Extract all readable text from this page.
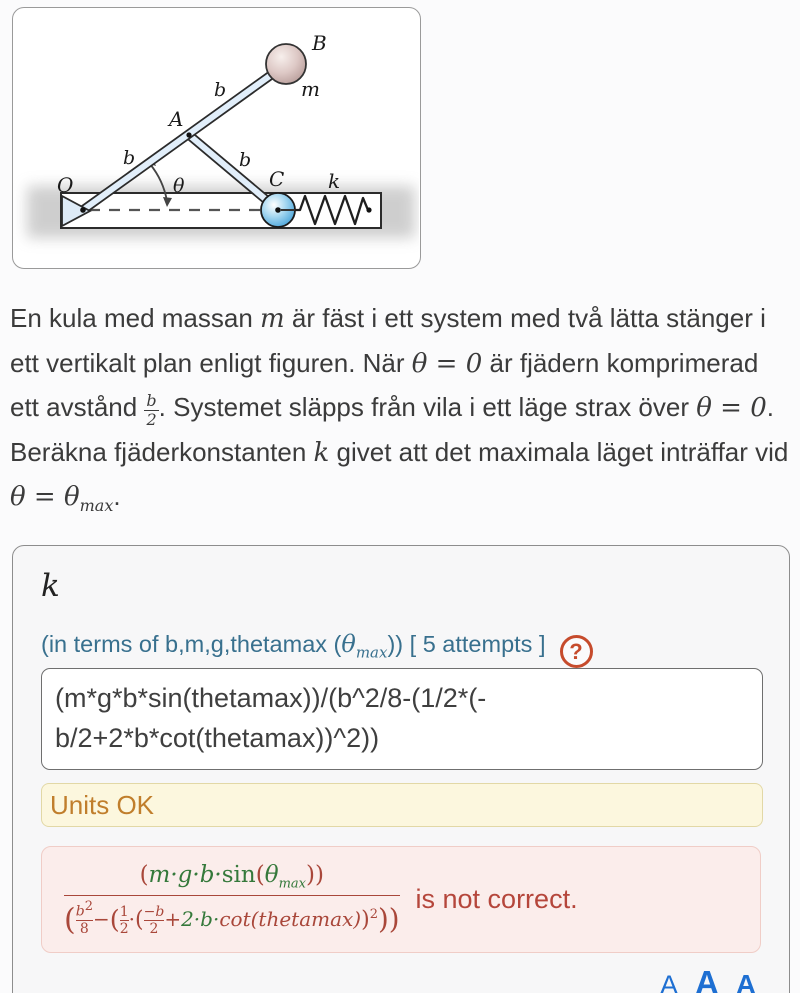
O
A
B
C
m
k
θ
b	b
b
En kula med massan m är fäst i ett system med två lätta stänger i ett vertikalt plan enligt figuren. När θ = 0 är fjädern komprimerad ett avstånd $\frac{b}{2}$ . Systemet släpps från vila i ett läge strax över θ = 0. Beräkna fjäderkonstanten k givet att det maximala läget inträffar vid $\theta = \theta_{max}$.
k
(in terms of b,m,g,thetamax $(\theta_{max})$) [ 5 attempts ] ?
(m*g*b*sin(thetamax))/(b^2/8-(1/2*(-b/2+2*b*cot(thetamax))^2))
Units OK
$(m\cdot g\cdot b\cdot\sin(\theta_{max}))$
( $\frac{b^2}{8}$ −( $\frac{1}{2}$ ·( $\frac{-b}{2}$ +2·b·cot(thetamax))$^2$))
is not correct.
A A A
